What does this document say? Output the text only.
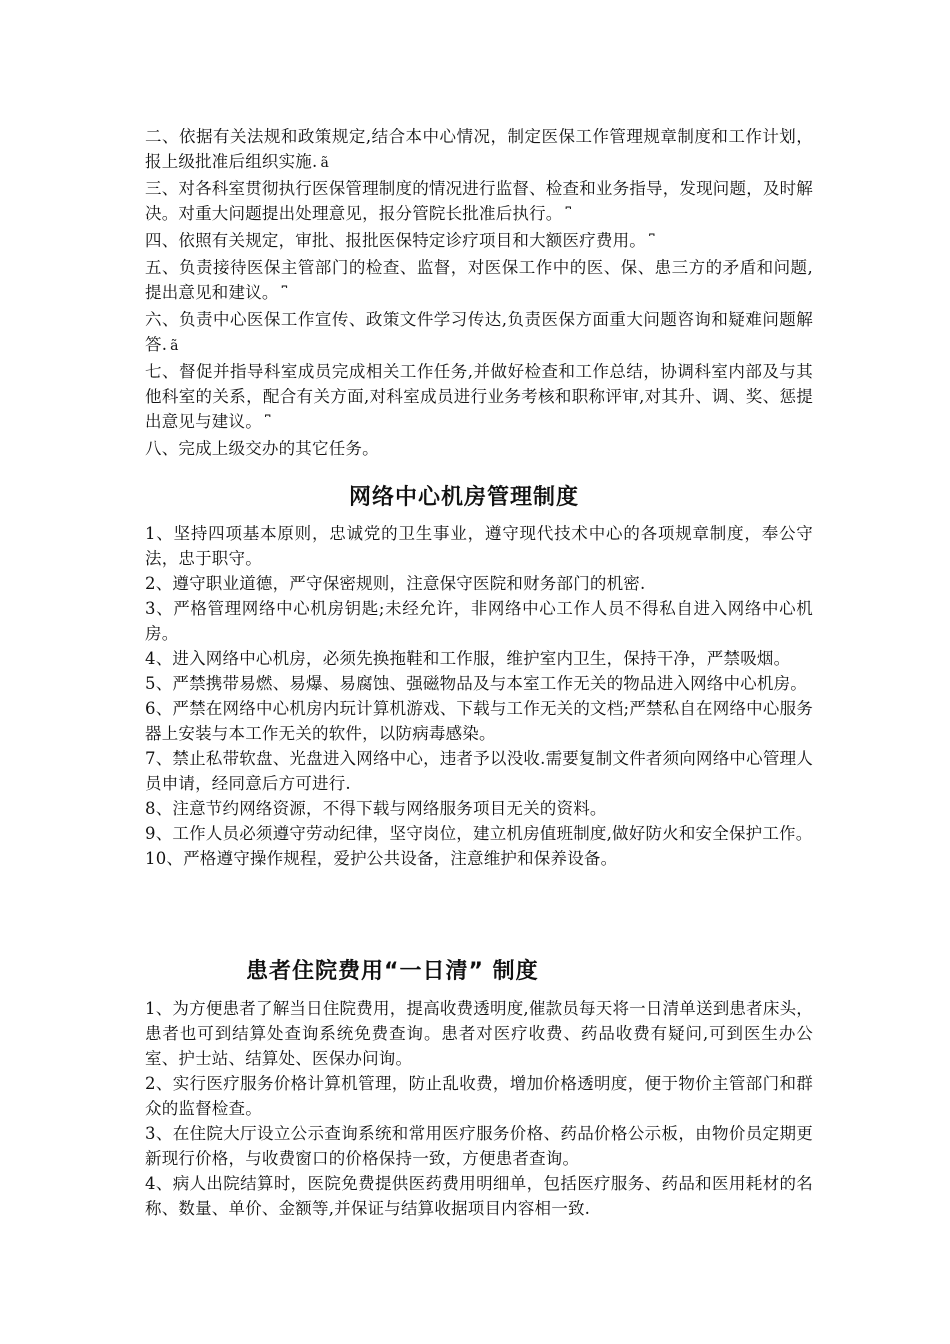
二、依据有关法规和政策规定,结合本中心情况，制定医保工作管理规章制度和工作计划，报上级批准后组织实施. ã

三、对各科室贯彻执行医保管理制度的情况进行监督、检查和业务指导，发现问题，及时解决。对重大问题提出处理意见，报分管院长批准后执行。 ⎴

四、依照有关规定，审批、报批医保特定诊疗项目和大额医疗费用。 ⎴

五、负责接待医保主管部门的检查、监督，对医保工作中的医、保、患三方的矛盾和问题,提出意见和建议。 ⎴

六、负责中心医保工作宣传、政策文件学习传达,负责医保方面重大问题咨询和疑难问题解答. ã

七、督促并指导科室成员完成相关工作任务,并做好检查和工作总结，协调科室内部及与其他科室的关系，配合有关方面,对科室成员进行业务考核和职称评审,对其升、调、奖、惩提出意见与建议。 ⎴

八、完成上级交办的其它任务。

网络中心机房管理制度

1、坚持四项基本原则，忠诚党的卫生事业，遵守现代技术中心的各项规章制度，奉公守法，忠于职守。

2、遵守职业道德，严守保密规则，注意保守医院和财务部门的机密.

3、严格管理网络中心机房钥匙;未经允许，非网络中心工作人员不得私自进入网络中心机房。

4、进入网络中心机房，必须先换拖鞋和工作服，维护室内卫生，保持干净，严禁吸烟。

5、严禁携带易燃、易爆、易腐蚀、强磁物品及与本室工作无关的物品进入网络中心机房。

6、严禁在网络中心机房内玩计算机游戏、下载与工作无关的文档;严禁私自在网络中心服务器上安装与本工作无关的软件，以防病毒感染。

7、禁止私带软盘、光盘进入网络中心，违者予以没收.需要复制文件者须向网络中心管理人员申请，经同意后方可进行.

8、注意节约网络资源，不得下载与网络服务项目无关的资料。

9、工作人员必须遵守劳动纪律，坚守岗位，建立机房值班制度,做好防火和安全保护工作。

10、严格遵守操作规程，爱护公共设备，注意维护和保养设备。

患者住院费用“一日清” 制度

1、为方便患者了解当日住院费用，提高收费透明度,催款员每天将一日清单送到患者床头，患者也可到结算处查询系统免费查询。患者对医疗收费、药品收费有疑问,可到医生办公室、护士站、结算处、医保办问询。

2、实行医疗服务价格计算机管理，防止乱收费，增加价格透明度，便于物价主管部门和群众的监督检查。

3、在住院大厅设立公示查询系统和常用医疗服务价格、药品价格公示板，由物价员定期更新现行价格，与收费窗口的价格保持一致，方便患者查询。

4、病人出院结算时，医院免费提供医药费用明细单，包括医疗服务、药品和医用耗材的名称、数量、单价、金额等,并保证与结算收据项目内容相一致.
